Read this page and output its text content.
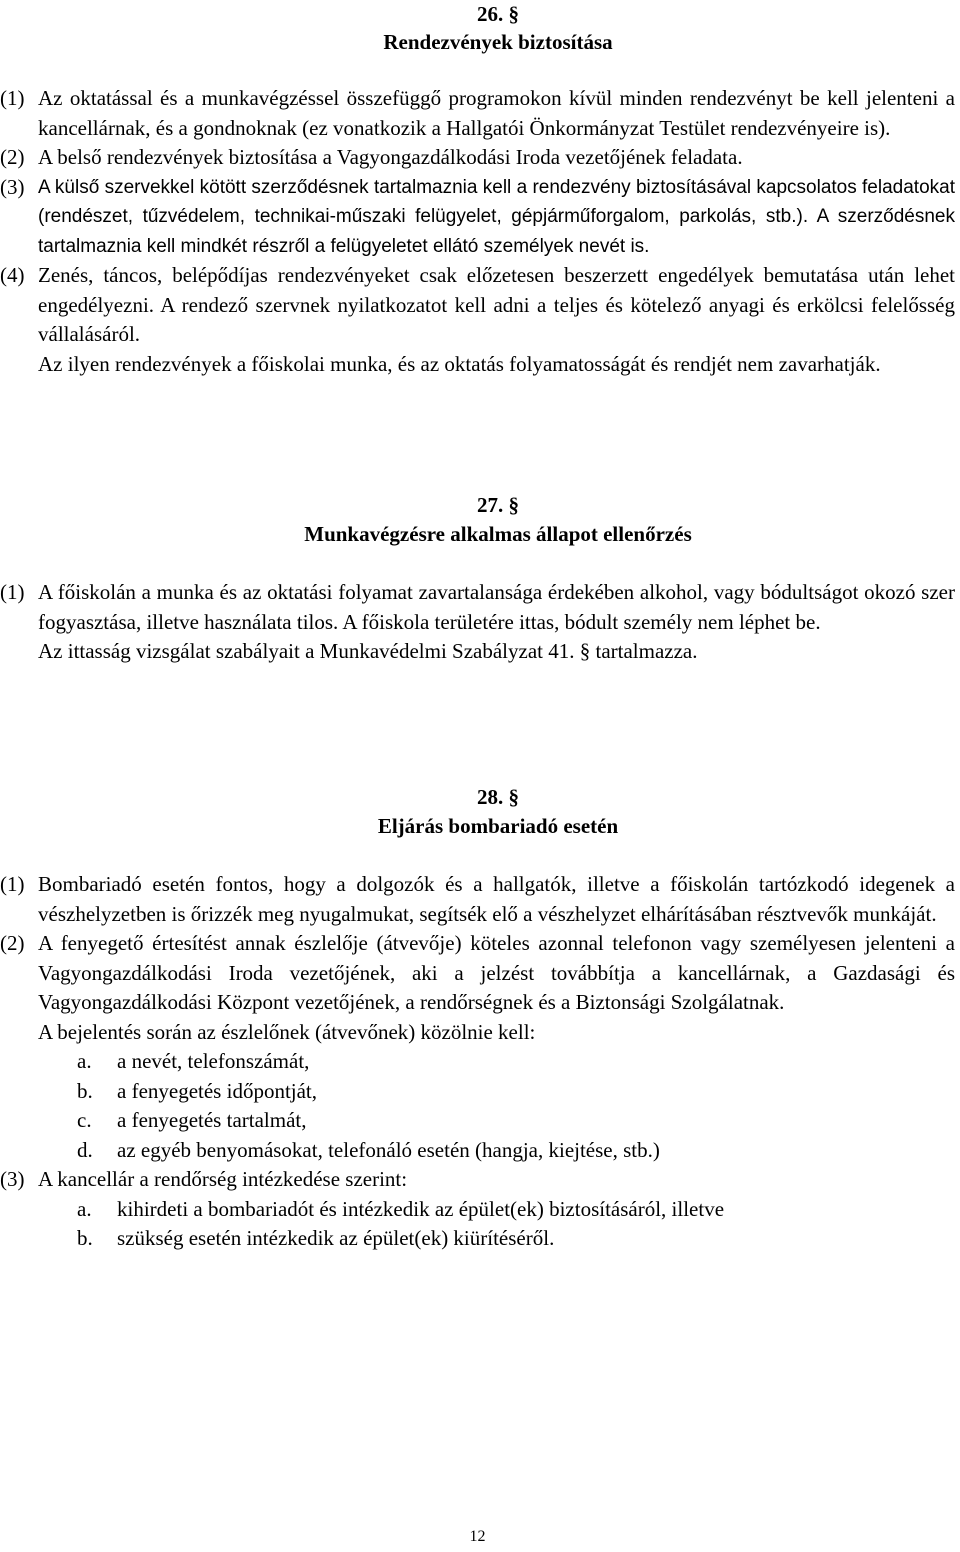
26. §
Rendezvények biztosítása
(1) Az oktatással és a munkavégzéssel összefüggő programokon kívül minden rendezvényt be kell jelenteni a kancellárnak, és a gondnoknak (ez vonatkozik a Hallgatói Önkormányzat Testület rendezvényeire is).
(2) A belső rendezvények biztosítása a Vagyongazdálkodási Iroda vezetőjének feladata.
(3) A külső szervekkel kötött szerződésnek tartalmaznia kell a rendezvény biztosításával kapcsolatos feladatokat (rendészet, tűzvédelem, technikai-műszaki felügyelet, gépjárműforgalom, parkolás, stb.). A szerződésnek tartalmaznia kell mindkét részről a felügyeletet ellátó személyek nevét is.
(4) Zenés, táncos, belépődíjas rendezvényeket csak előzetesen beszerzett engedélyek bemutatása után lehet engedélyezni. A rendező szervnek nyilatkozatot kell adni a teljes és kötelező anyagi és erkölcsi felelősség vállalásáról.

Az ilyen rendezvények a főiskolai munka, és az oktatás folyamatosságát és rendjét nem zavarhatják.

27. §
Munkavégzésre alkalmas állapot ellenőrzés
(1) A főiskolán a munka és az oktatási folyamat zavartalansága érdekében alkohol, vagy bódultságot okozó szer fogyasztása, illetve használata tilos. A főiskola területére ittas, bódult személy nem léphet be.

Az ittasság vizsgálat szabályait a Munkavédelmi Szabályzat 41. § tartalmazza.

28. §
Eljárás bombariadó esetén
(1) Bombariadó esetén fontos, hogy a dolgozók és a hallgatók, illetve a főiskolán tartózkodó idegenek a vészhelyzetben is őrizzék meg nyugalmukat, segítsék elő a vészhelyzet elhárításában résztvevők munkáját.
(2) A fenyegető értesítést annak észlelője (átvevője) köteles azonnal telefonon vagy személyesen jelenteni a Vagyongazdálkodási Iroda vezetőjének, aki a jelzést továbbítja a kancellárnak, a Gazdasági és Vagyongazdálkodási Központ vezetőjének, a rendőrségnek és a Biztonsági Szolgálatnak.

A bejelentés során az észlelőnek (átvevőnek) közölnie kell:

a.	a nevét, telefonszámát,
b.	a fenyegetés időpontját,
c.	a fenyegetés tartalmát,
d.	az egyéb benyomásokat, telefonáló esetén (hangja, kiejtése, stb.)
(3) A kancellár a rendőrség intézkedése szerint:
a.	kihirdeti a bombariadót és intézkedik az épület(ek) biztosításáról, illetve
b.	szükség esetén intézkedik az épület(ek) kiürítéséről.
12
